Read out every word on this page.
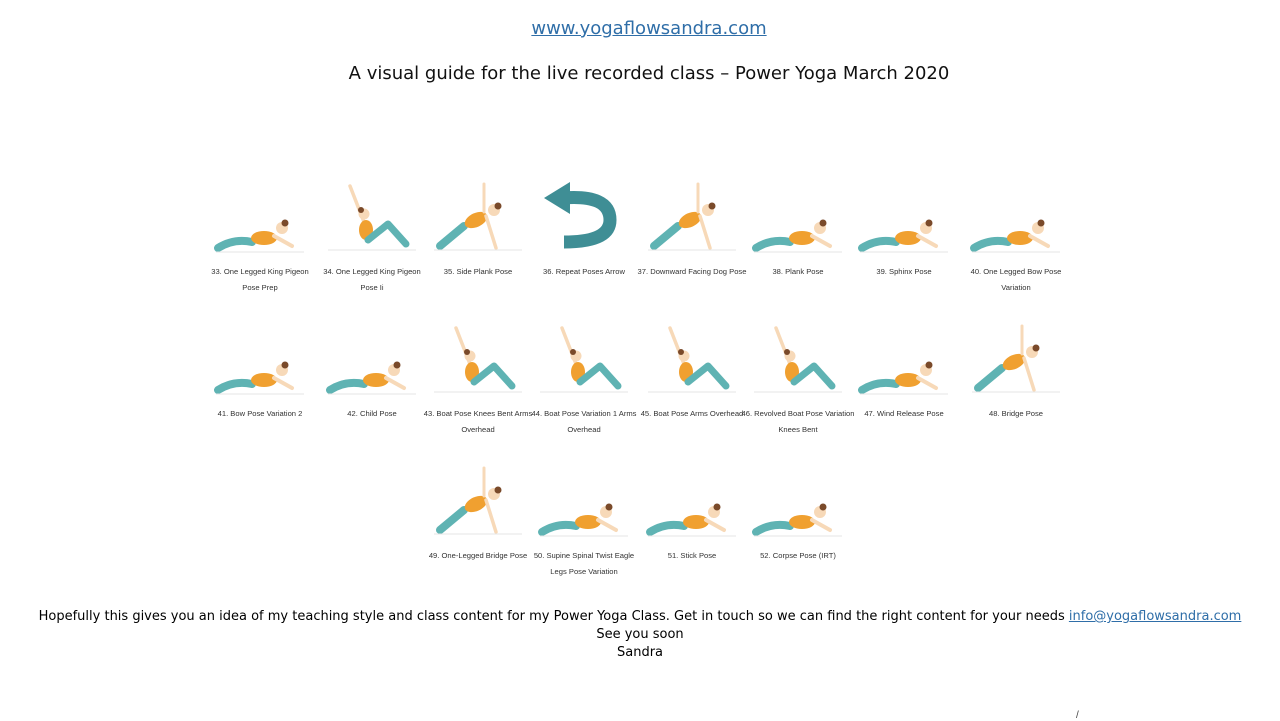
www.yogaflowsandra.com
A visual guide for the live recorded class – Power Yoga March 2020
33. One Legged King Pigeon Pose Prep
34. One Legged King Pigeon Pose Ii
35. Side Plank Pose	36. Repeat Poses Arrow	37. Downward Facing Dog Pose	38. Plank Pose	39. Sphinx Pose	40. One Legged Bow Pose Variation
41. Bow Pose Variation 2	42. Child Pose	43. Boat Pose Knees Bent Arms Overhead
44. Boat Pose Variation 1 Arms Overhead
45. Boat Pose Arms Overhead
46. Revolved Boat Pose Variation Knees Bent
47. Wind Release Pose	48. Bridge Pose
49. One-Legged Bridge Pose 50. Supine Spinal Twist Eagle Legs Pose Variation
51. Stick Pose	52. Corpse Pose (IRT)
Hopefully this gives you an idea of my teaching style and class content for my Power Yoga Class. Get in touch so we can find the right content for your needs info@yogaflowsandra.com
See you soon
Sandra
/
